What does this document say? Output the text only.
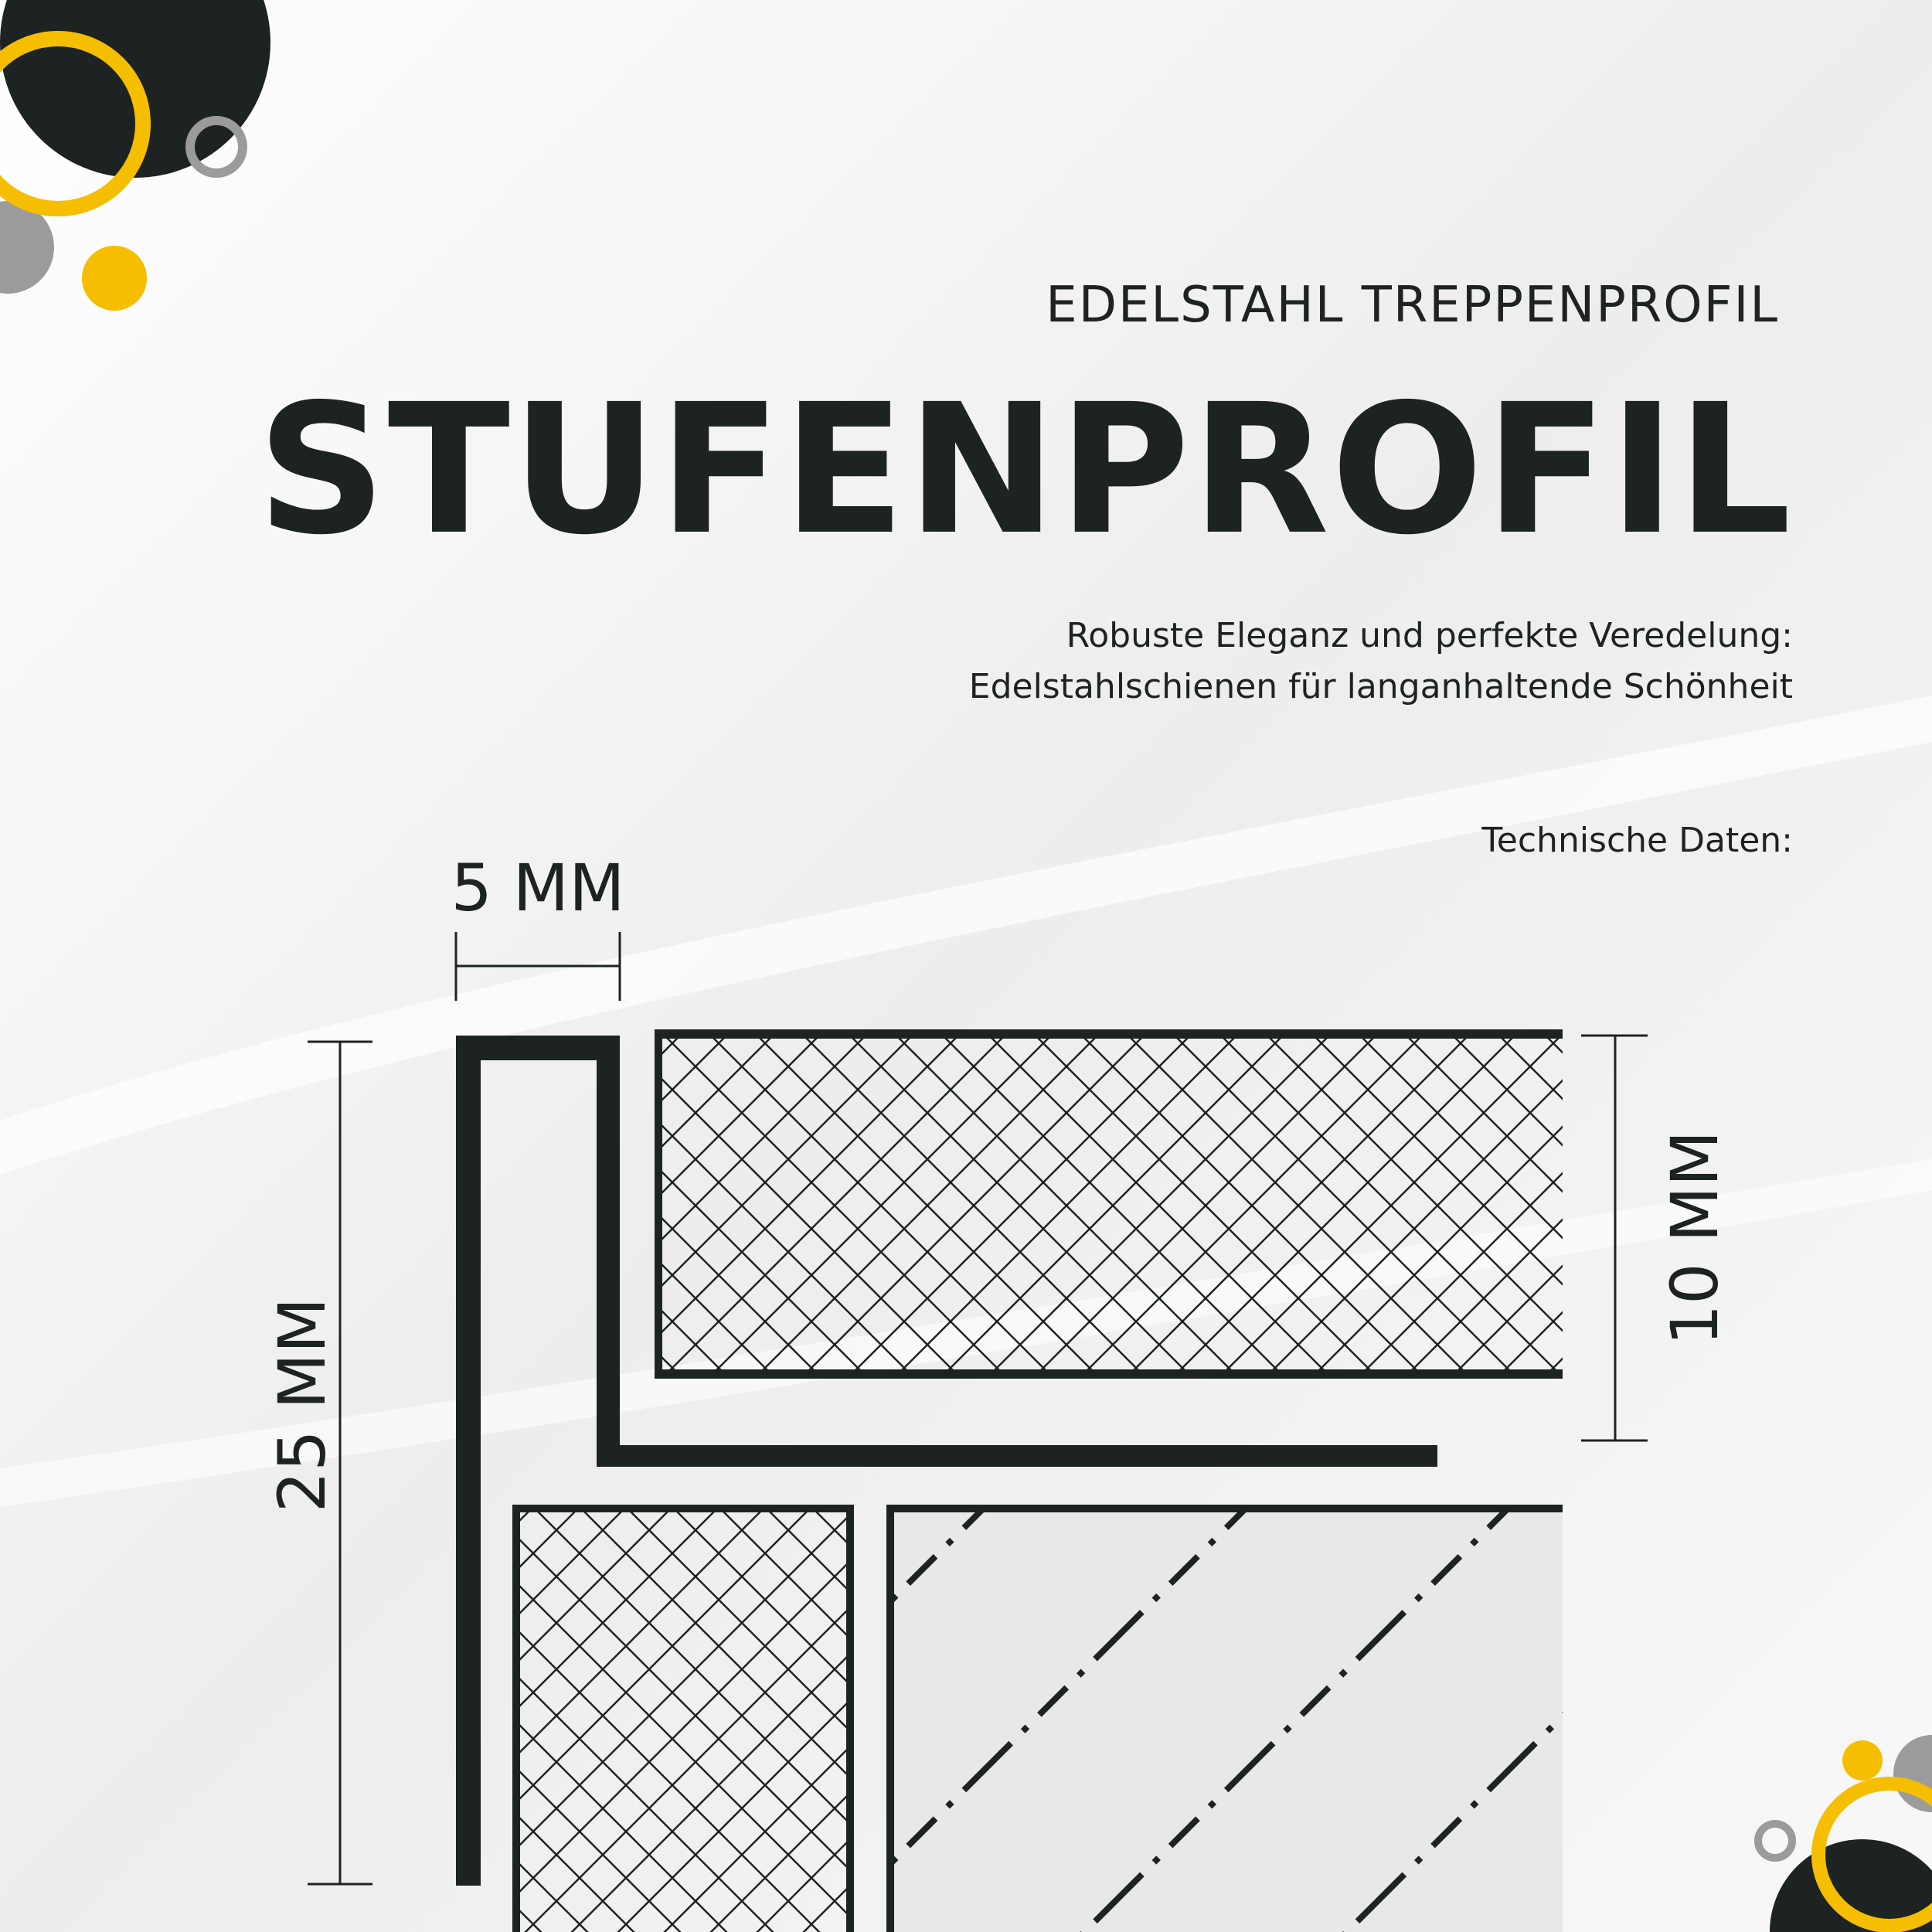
EDELSTAHL TREPPENPROFIL
STUFENPROFIL
Robuste Eleganz und perfekte Veredelung:
Edelstahlschienen für langanhaltende Schönheit
Technische Daten:
5 MM
25 MM
10 MM
